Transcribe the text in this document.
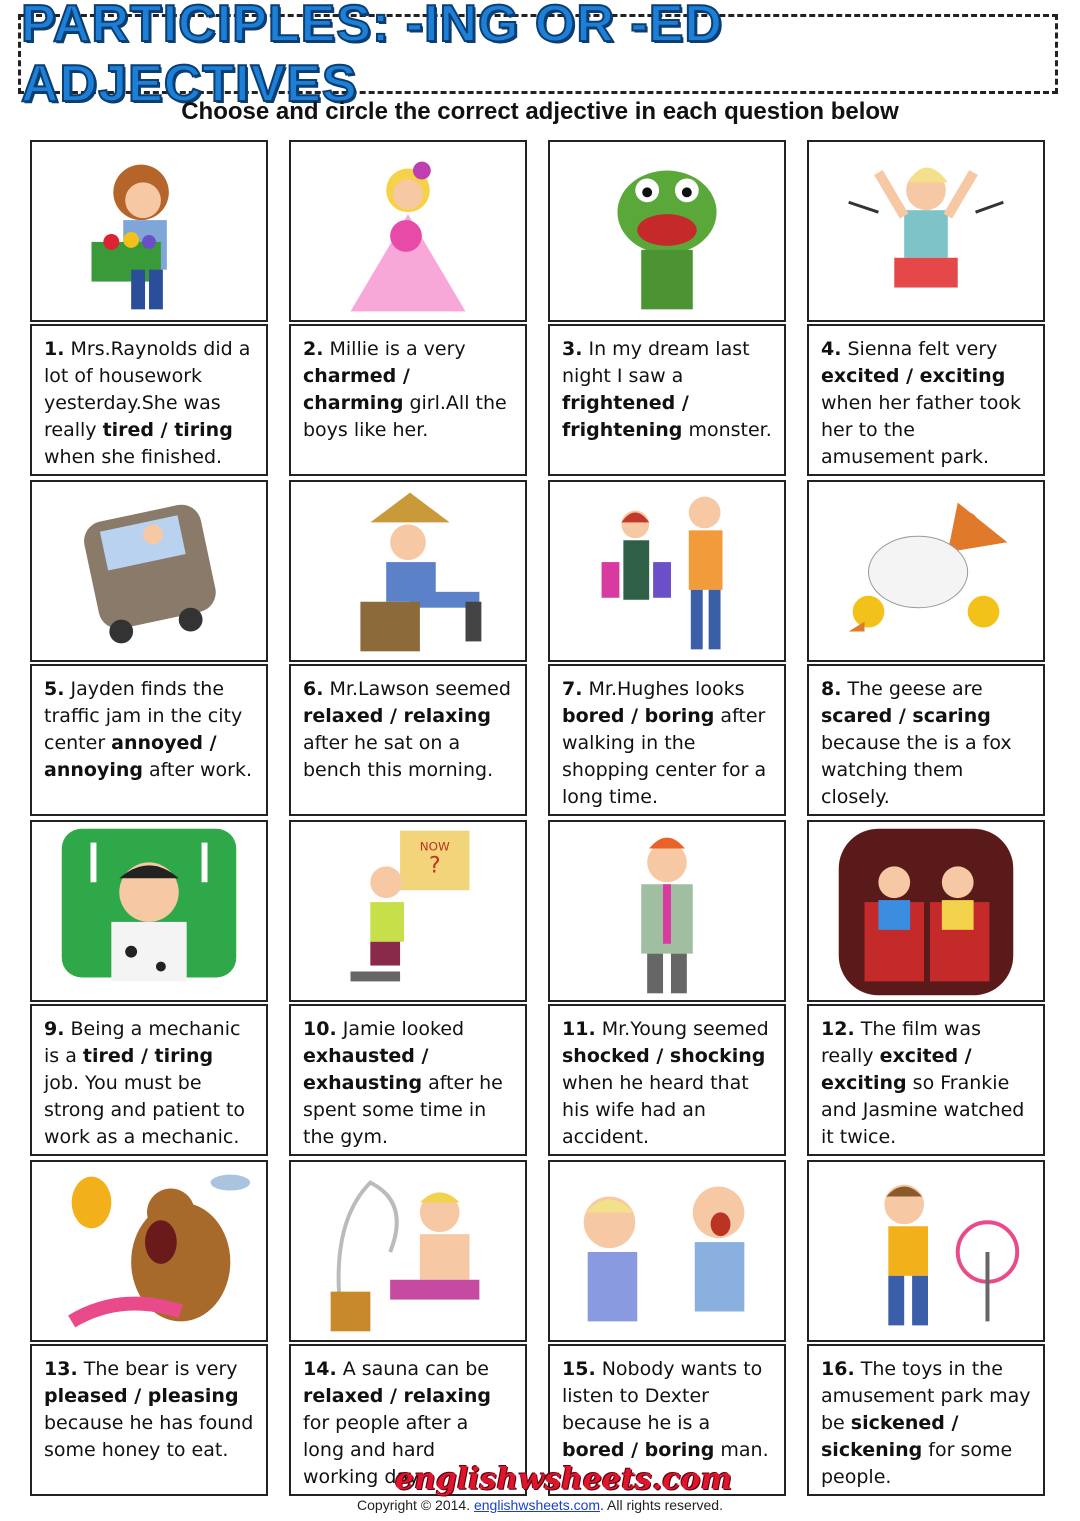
PARTICIPLES: -ING OR -ED ADJECTIVES

Choose and circle the correct adjective in each question below

1. Mrs.Raynolds did a lot of housework yesterday.She was really tired / tiring when she finished.
2. Millie is a very charmed / charming girl.All the boys like her.
3. In my dream last night I saw a frightened / frightening monster.
4. Sienna felt very excited / exciting when her father took her to the amusement park.
5. Jayden finds the traffic jam in the city center annoyed / annoying after work.
6. Mr.Lawson seemed relaxed / relaxing after he sat on a bench this morning.
7. Mr.Hughes looks bored / boring after walking in the shopping center for a long time.
8. The geese are scared / scaring because the is a fox watching them closely.
9. Being a mechanic is a tired / tiring job. You must be strong and patient to work as a mechanic.
NOW
?
10. Jamie looked exhausted / exhausting after he spent some time in the gym.
11. Mr.Young seemed shocked / shocking when he heard that his wife had an accident.
12. The film was really excited / exciting so Frankie and Jasmine watched it twice.
13. The bear is very pleased / pleasing because he has found some honey to eat.
14. A sauna can be relaxed / relaxing for people after a long and hard working day.
15. Nobody wants to listen to Dexter because he is a bored / boring man.
16. The toys in the amusement park may be sickened / sickening for some people.
englishwsheets.com
Copyright © 2014. englishwsheets.com. All rights reserved.
